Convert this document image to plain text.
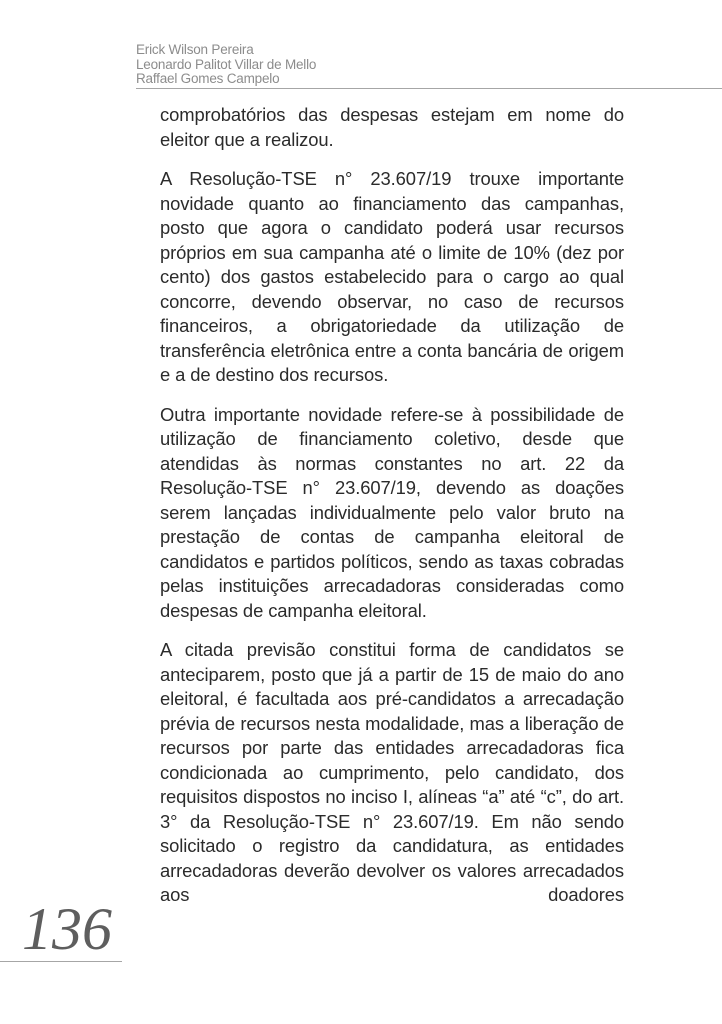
Erick Wilson Pereira
Leonardo Palitot Villar de Mello
Raffael Gomes Campelo

comprobatórios das despesas estejam em nome do eleitor que a realizou.

A Resolução-TSE n° 23.607/19 trouxe importante novidade quanto ao financiamento das campanhas, posto que agora o candidato poderá usar recursos próprios em sua campanha até o limite de 10% (dez por cento) dos gastos estabelecido para o cargo ao qual concorre, devendo observar, no caso de recursos financeiros, a obrigatoriedade da utilização de transferência eletrônica entre a conta bancária de origem e a de destino dos recursos.

Outra importante novidade refere-se à possibilidade de utilização de financiamento coletivo, desde que atendidas às normas constantes no art. 22 da Resolução-TSE n° 23.607/19, devendo as doações serem lançadas individualmente pelo valor bruto na prestação de contas de campanha eleitoral de candidatos e partidos políticos, sendo as taxas cobradas pelas instituições arrecadadoras consideradas como despesas de campanha eleitoral.

A citada previsão constitui forma de candidatos se anteciparem, posto que já a partir de 15 de maio do ano eleitoral, é facultada aos pré-candidatos a arrecadação prévia de recursos nesta modalidade, mas a liberação de recursos por parte das entidades arrecadadoras fica condicionada ao cumprimento, pelo candidato, dos requisitos dispostos no inciso I, alíneas “a” até “c”, do art. 3° da Resolução-TSE n° 23.607/19. Em não sendo solicitado o registro da candidatura, as entidades arrecadadoras deverão devolver os valores arrecadados aos doadores

136
